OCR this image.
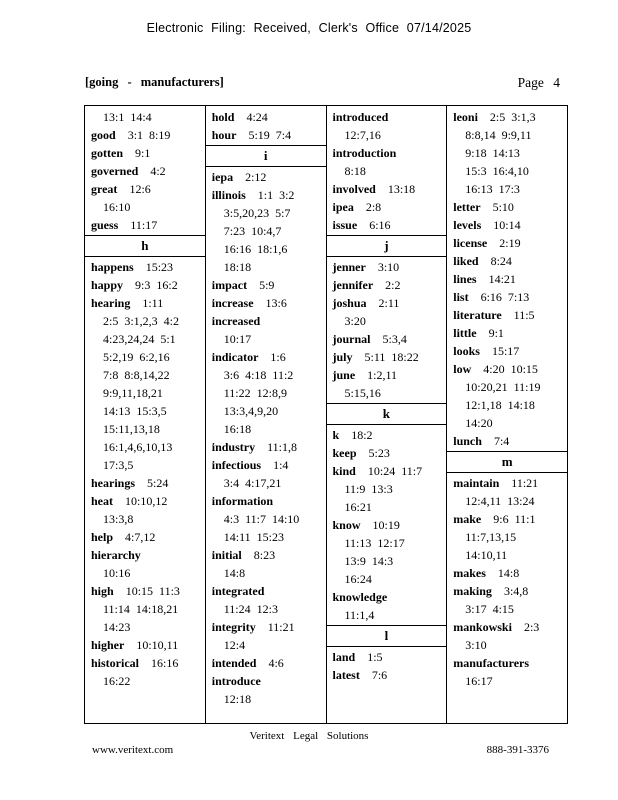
Electronic Filing: Received, Clerk's Office 07/14/2025
[going - manufacturers]	Page 4
13:1  14:4
good    3:1  8:19
gotten    9:1
governed    4:2
great    12:6
16:10
guess    11:17
h
happens    15:23
happy    9:3  16:2
hearing    1:11
2:5  3:1,2,3  4:2
4:23,24,24  5:1
5:2,19  6:2,16
7:8  8:8,14,22
9:9,11,18,21
14:13  15:3,5
15:11,13,18
16:1,4,6,10,13
17:3,5
hearings    5:24
heat    10:10,12
13:3,8
help    4:7,12
hierarchy
10:16
high    10:15  11:3
11:14  14:18,21
14:23
higher    10:10,11
historical    16:16
16:22
hold    4:24
hour    5:19  7:4
i
iepa    2:12
illinois    1:1  3:2
3:5,20,23  5:7
7:23  10:4,7
16:16  18:1,6
18:18
impact    5:9
increase    13:6
increased
10:17
indicator    1:6
3:6  4:18  11:2
11:22  12:8,9
13:3,4,9,20
16:18
industry    11:1,8
infectious    1:4
3:4  4:17,21
information
4:3  11:7  14:10
14:11  15:23
initial    8:23
14:8
integrated
11:24  12:3
integrity    11:21
12:4
intended    4:6
introduce
12:18
introduced
12:7,16
introduction
8:18
involved    13:18
ipea    2:8
issue    6:16
j
jenner    3:10
jennifer    2:2
joshua    2:11
3:20
journal    5:3,4
july    5:11  18:22
june    1:2,11
5:15,16
k
k    18:2
keep    5:23
kind    10:24  11:7
11:9  13:3
16:21
know    10:19
11:13  12:17
13:9  14:3
16:24
knowledge
11:1,4
l
land    1:5
latest    7:6
leoni    2:5  3:1,3
8:8,14  9:9,11
9:18  14:13
15:3  16:4,10
16:13  17:3
letter    5:10
levels    10:14
license    2:19
liked    8:24
lines    14:21
list    6:16  7:13
literature    11:5
little    9:1
looks    15:17
low    4:20  10:15
10:20,21  11:19
12:1,18  14:18
14:20
lunch    7:4
m
maintain    11:21
12:4,11  13:24
make    9:6  11:1
11:7,13,15
14:10,11
makes    14:8
making    3:4,8
3:17  4:15
mankowski    2:3
3:10
manufacturers
16:17
Veritext Legal Solutions
www.veritext.com	888-391-3376
